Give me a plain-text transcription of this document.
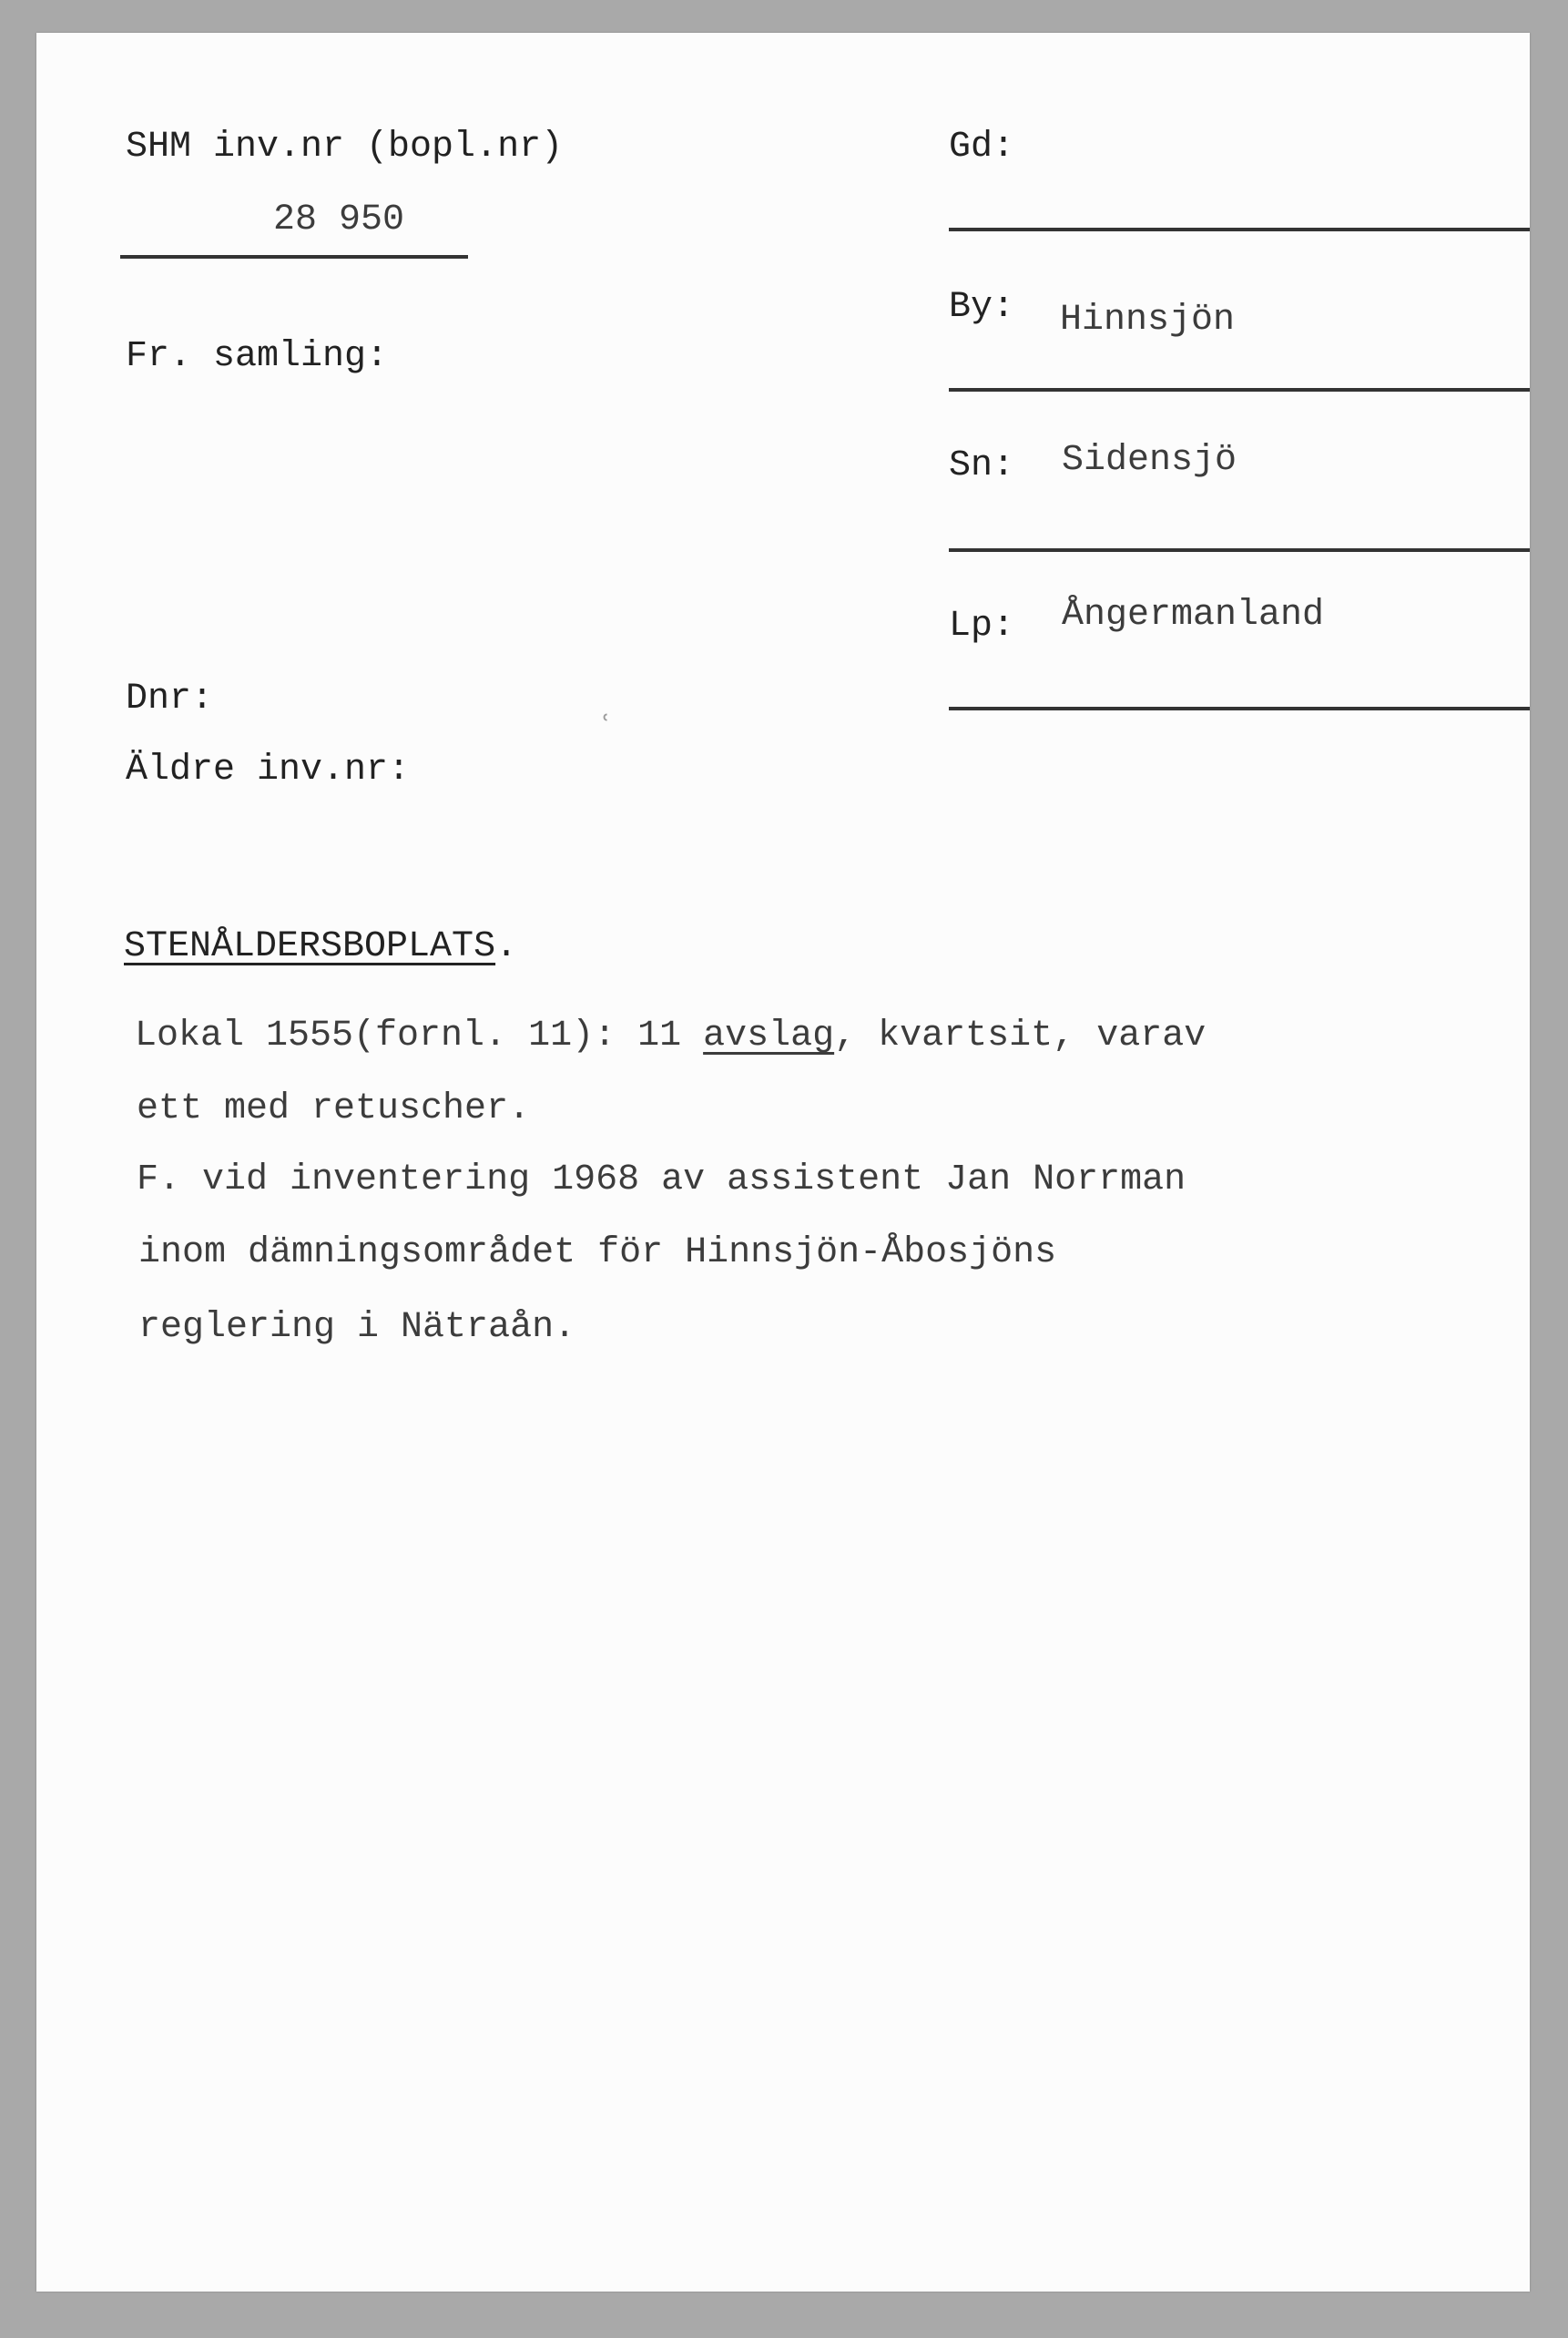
SHM inv.nr (bopl.nr)
28 950
Fr. samling:
Dnr:
Äldre inv.nr:
Gd:
By: Hinnsjön
Sn: Sidensjö
Lp: Ångermanland
ʿ
STENÅLDERSBOPLATS.
Lokal 1555(fornl. 11): 11 avslag, kvartsit, varav
ett med retuscher.
F. vid inventering 1968 av assistent Jan Norrman
inom dämningsområdet för Hinnsjön-Åbosjöns
reglering i Nätraån.
